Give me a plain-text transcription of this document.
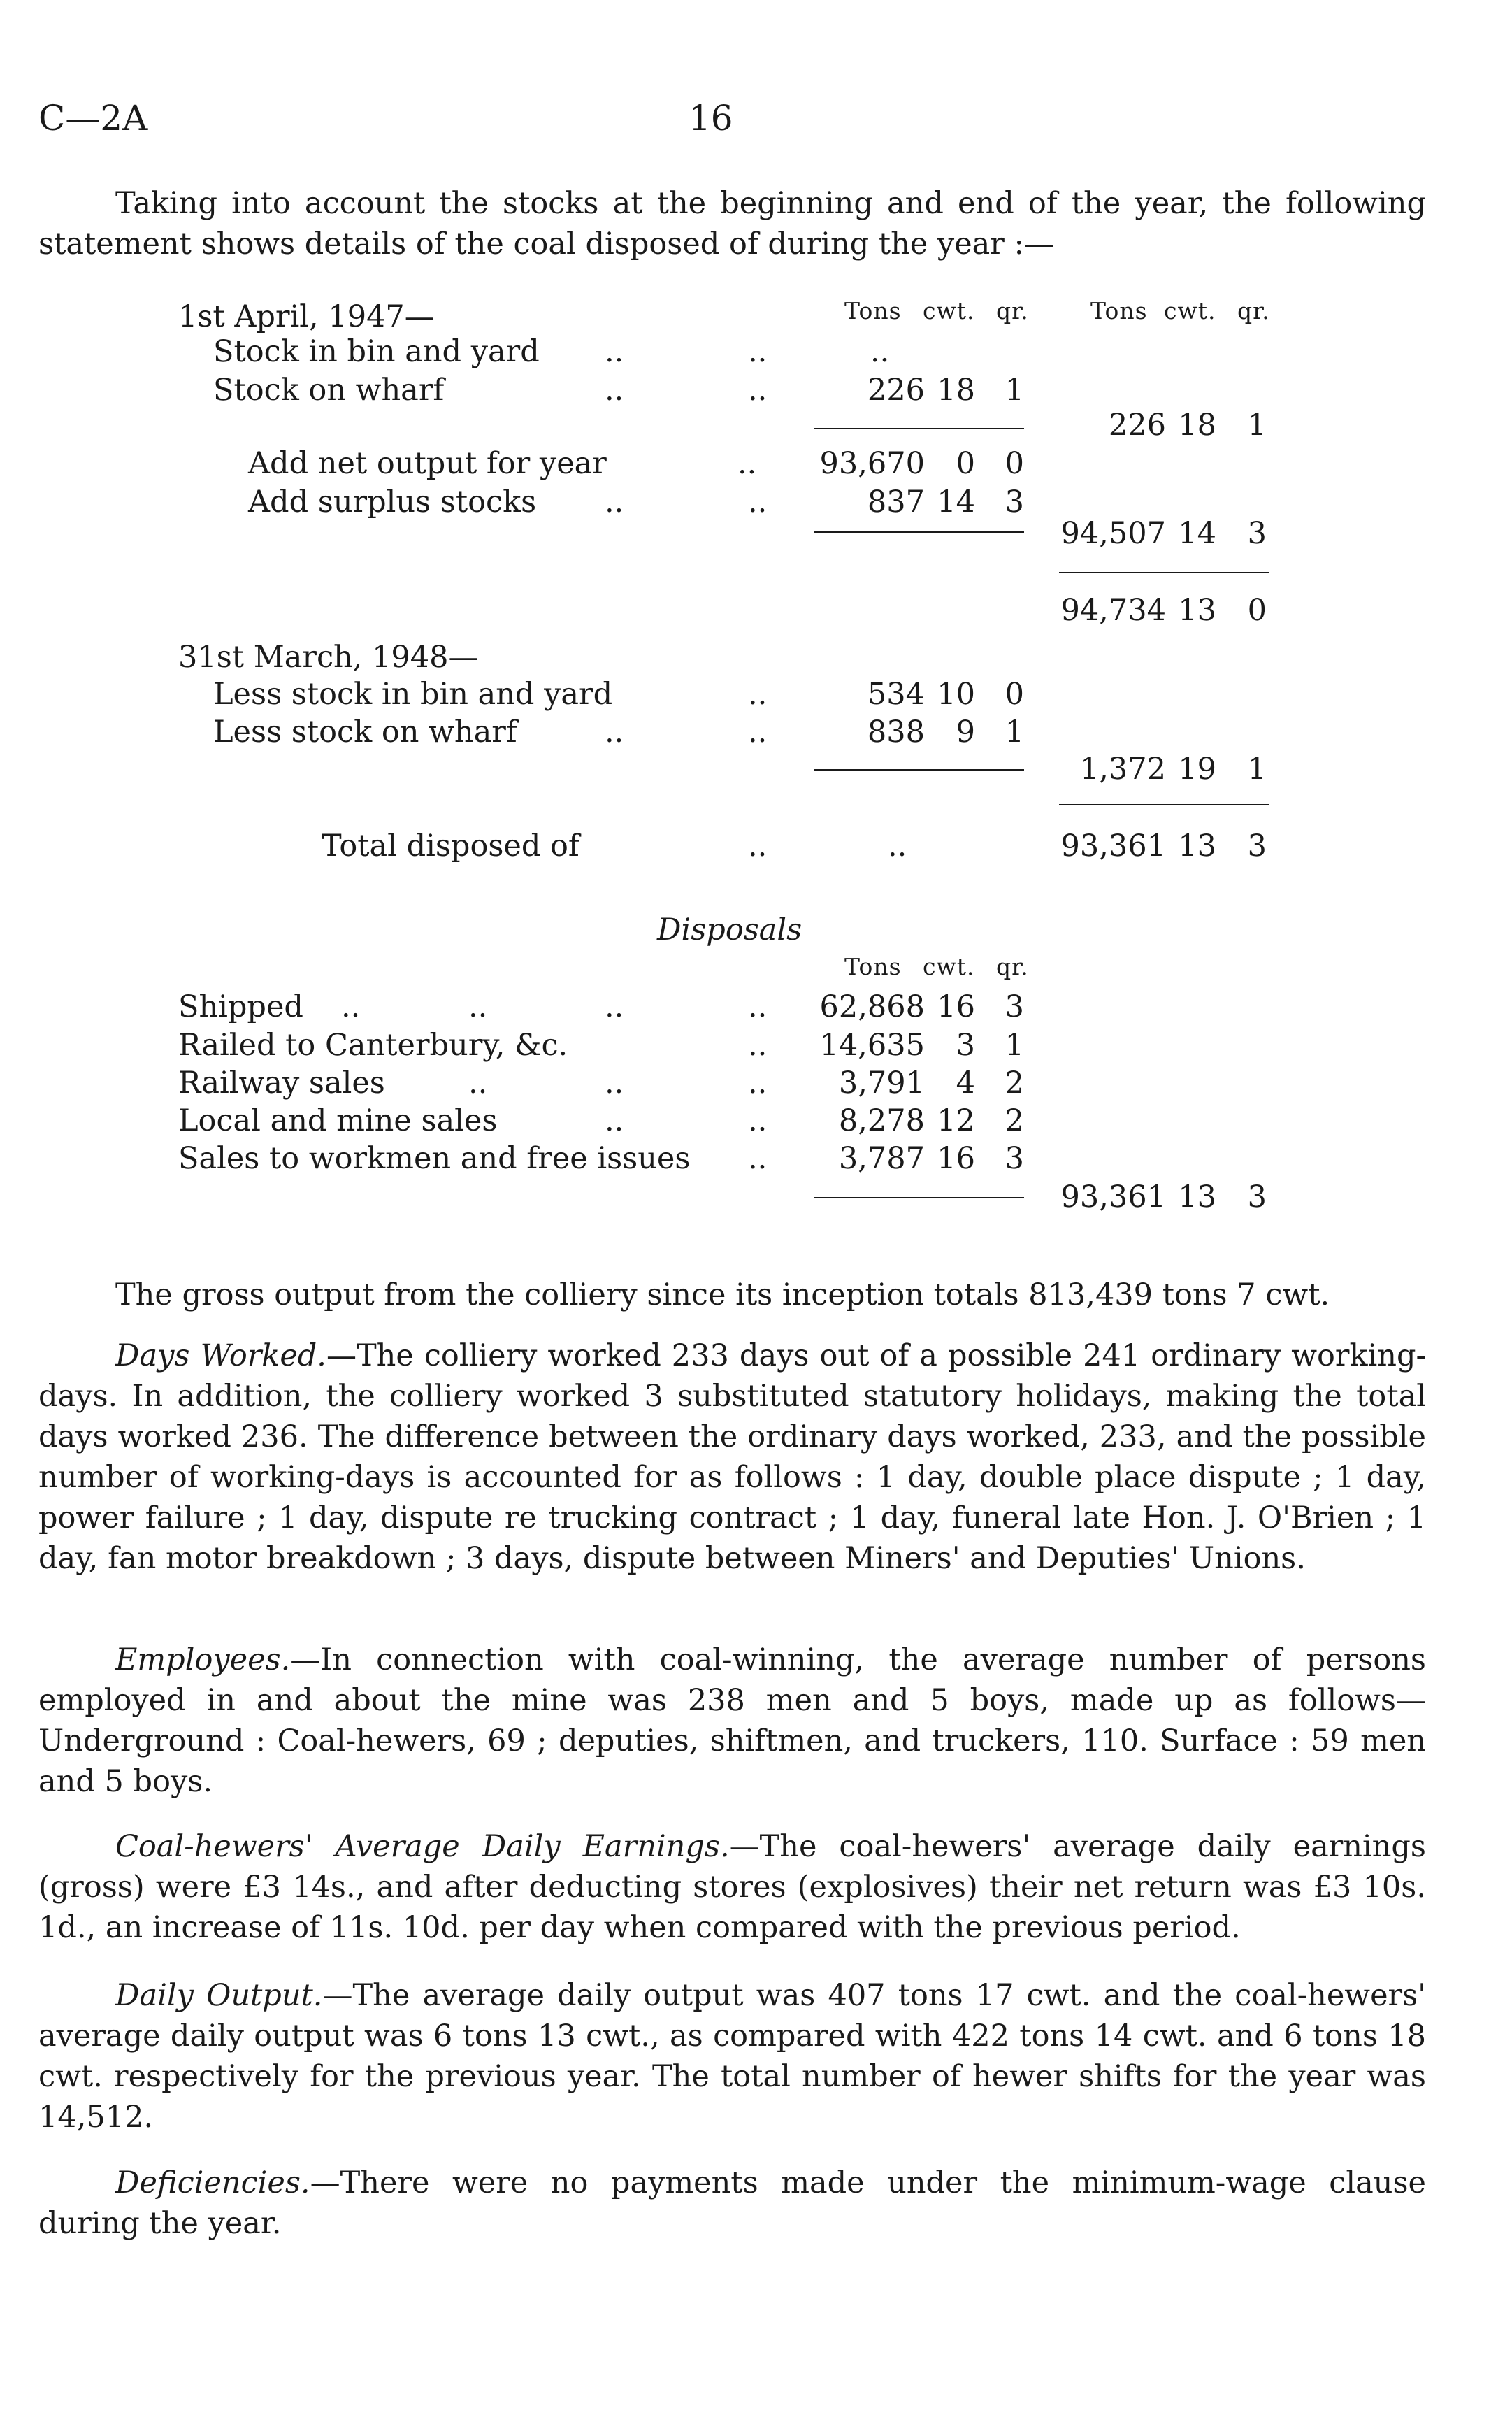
C—2A	16
Taking into account the stocks at the beginning and end of the year, the following statement shows details of the coal disposed of during the year :—
Tons cwt. qr.	Tons cwt. qr.
1st April, 1947—
Stock in bin and yard ..	..	..
Stock on wharf	..	..	226 18 1
226 18 1
Add net output for year	.. 93,670 0 0
Add surplus stocks ..	..	837 14 3
94,507 14 3
94,734 13 0
31st March, 1948—
Less stock in bin and yard	..	534 10 0
Less stock on wharf	..	..	838 9 1
1,372 19 1
Total disposed of	..	..	93,361 13 3
Disposals
Tons cwt. qr.
Shipped ..	..	..	.. 62,868 16 3
Railed to Canterbury, &c.	.. 14,635 3 1
Railway sales	..	..	.. 3,791 4 2
Local and mine sales	..	.. 8,278 12 2
Sales to workmen and free issues .. 3,787 16 3
93,361 13 3
The gross output from the colliery since its inception totals 813,439 tons 7 cwt.
Days Worked.—The colliery worked 233 days out of a possible 241 ordinary working-days. In addition, the colliery worked 3 substituted statutory holidays, making the total days worked 236. The difference between the ordinary days worked, 233, and the possible number of working-days is accounted for as follows : 1 day, double place dispute ; 1 day, power failure ; 1 day, dispute re trucking contract ; 1 day, funeral late Hon. J. O'Brien ; 1 day, fan motor breakdown ; 3 days, dispute between Miners' and Deputies' Unions.
Employees.—In connection with coal-winning, the average number of persons employed in and about the mine was 238 men and 5 boys, made up as follows—Underground : Coal-hewers, 69 ; deputies, shiftmen, and truckers, 110. Surface : 59 men and 5 boys.
Coal-hewers' Average Daily Earnings.—The coal-hewers' average daily earnings (gross) were £3 14s., and after deducting stores (explosives) their net return was £3 10s. 1d., an increase of 11s. 10d. per day when compared with the previous period.
Daily Output.—The average daily output was 407 tons 17 cwt. and the coal-hewers' average daily output was 6 tons 13 cwt., as compared with 422 tons 14 cwt. and 6 tons 18 cwt. respectively for the previous year. The total number of hewer shifts for the year was 14,512.
Deficiencies.—There were no payments made under the minimum-wage clause during the year.
